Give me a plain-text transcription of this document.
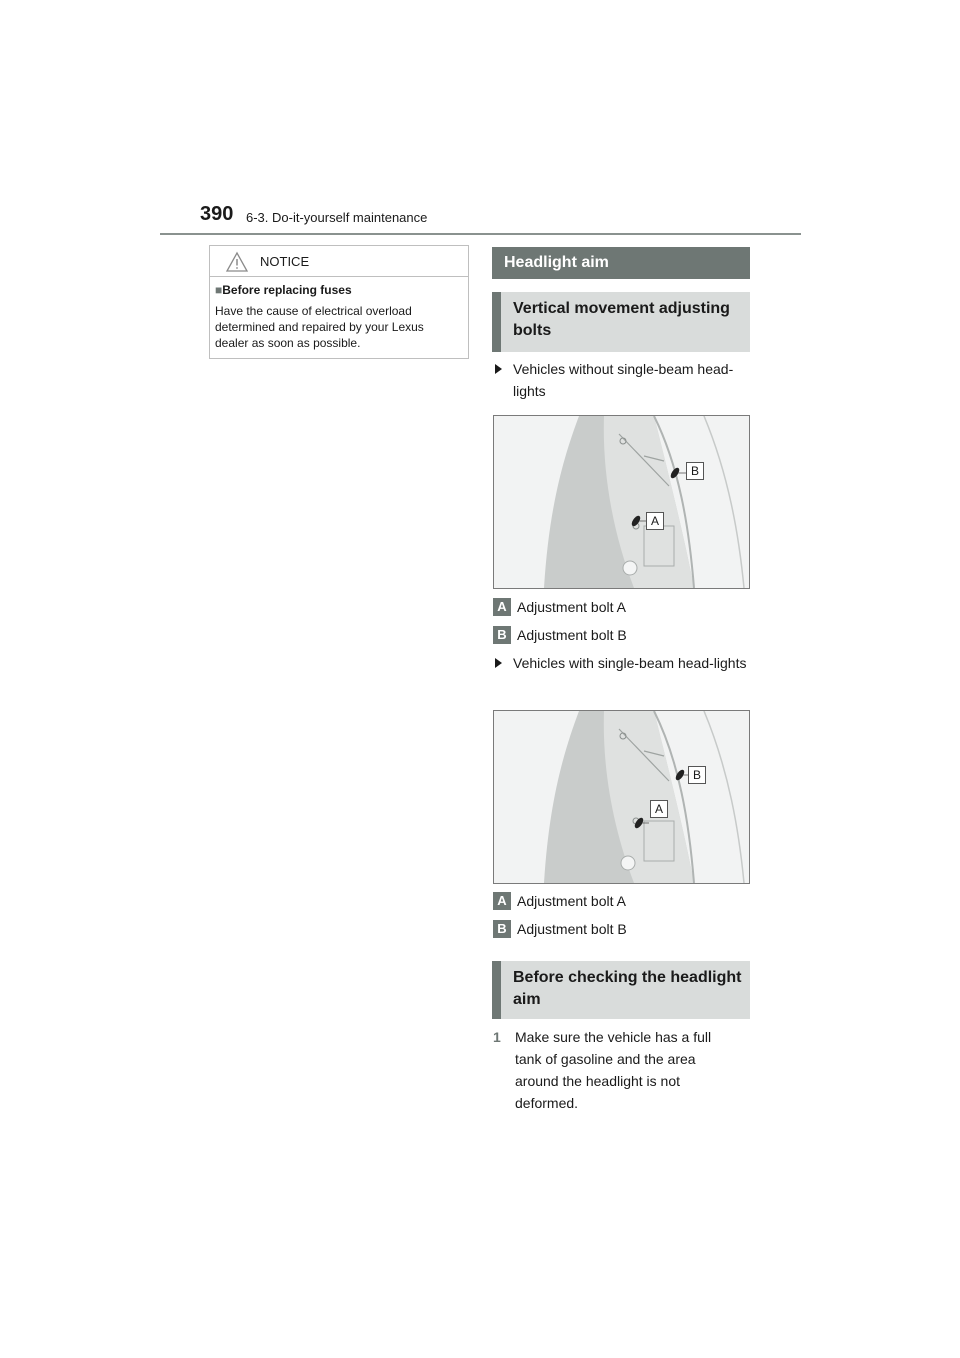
390 6-3. Do-it-yourself maintenance
NOTICE
■Before replacing fuses
Have the cause of electrical overload determined and repaired by your Lexus dealer as soon as possible.
Headlight aim
Vertical movement adjusting bolts
Vehicles without single-beam head-lights
B
A
A Adjustment bolt A
B Adjustment bolt B
Vehicles with single-beam head-lights
B
A
A Adjustment bolt A
B Adjustment bolt B
Before checking the headlight aim
1 Make sure the vehicle has a full tank of gasoline and the area around the headlight is not deformed.
